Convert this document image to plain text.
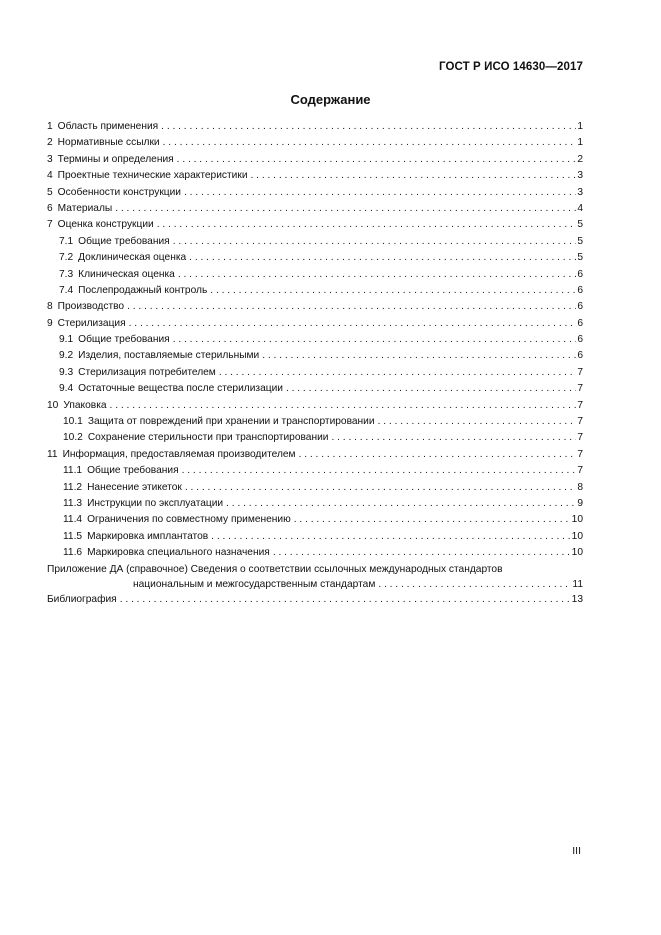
ГОСТ Р ИСО 14630—2017
Содержание
1 Область применения . . .	1
2 Нормативные ссылки . . .	1
3 Термины и определения . . .	2
4 Проектные технические характеристики . . .	3
5 Особенности конструкции . . .	3
6 Материалы . . .	4
7 Оценка конструкции . . .	5
7.1 Общие требования . . .	5
7.2 Доклиническая оценка . . .	5
7.3 Клиническая оценка . . .	6
7.4 Послепродажный контроль . . .	6
8 Производство . . .	6
9 Стерилизация . . .	6
9.1 Общие требования . . .	6
9.2 Изделия, поставляемые стерильными . . .	6
9.3 Стерилизация потребителем . . .	7
9.4 Остаточные вещества после стерилизации . . .	7
10 Упаковка . . .	7
10.1 Защита от повреждений при хранении и транспортировании . . .	7
10.2 Сохранение стерильности при транспортировании . . .	7
11 Информация, предоставляемая производителем . . .	7
11.1 Общие требования . . .	7
11.2 Нанесение этикеток . . .	8
11.3 Инструкции по эксплуатации . . .	9
11.4 Ограничения по совместному применению . . .	10
11.5 Маркировка имплантатов . . .	10
11.6 Маркировка специального назначения . . .	10
Приложение ДА (справочное) Сведения о соответствии ссылочных международных стандартов
национальным и межгосударственным стандартам . . .	11
Библиография . . .	13
III
